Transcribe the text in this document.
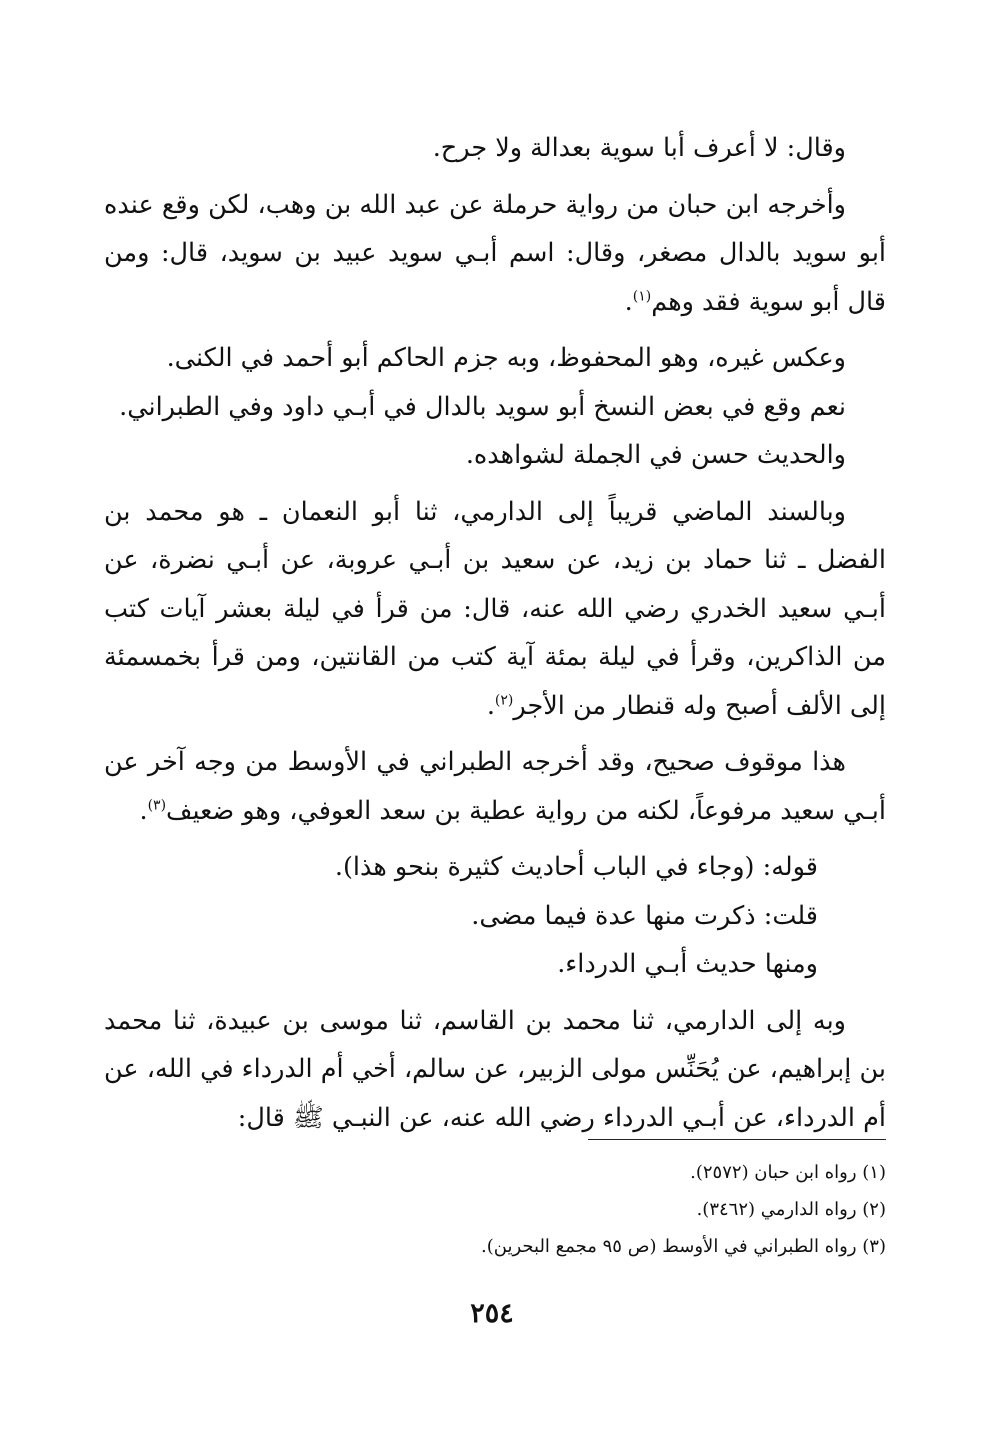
وقال: لا أعرف أبا سوية بعدالة ولا جرح.

وأخرجه ابن حبان من رواية حرملة عن عبد الله بن وهب، لكن وقع عنده أبو سويد بالدال مصغر، وقال: اسم أبـي سويد عبيد بن سويد، قال: ومن قال أبو سوية فقد وهم$^{(١)}$.

وعكس غيره، وهو المحفوظ، وبه جزم الحاكم أبو أحمد في الكنى.

نعم وقع في بعض النسخ أبو سويد بالدال في أبـي داود وفي الطبراني.

والحديث حسن في الجملة لشواهده.

وبالسند الماضي قريباً إلى الدارمي، ثنا أبو النعمان ـ هو محمد بن الفضل ـ ثنا حماد بن زيد، عن سعيد بن أبـي عروبة، عن أبـي نضرة، عن أبـي سعيد الخدري رضي الله عنه، قال: من قرأ في ليلة بعشر آيات كتب من الذاكرين، وقرأ في ليلة بمئة آية كتب من القانتين، ومن قرأ بخمسمئة إلى الألف أصبح وله قنطار من الأجر$^{(٢)}$.

هذا موقوف صحيح، وقد أخرجه الطبراني في الأوسط من وجه آخر عن أبـي سعيد مرفوعاً، لكنه من رواية عطية بن سعد العوفي، وهو ضعيف$^{(٣)}$.

قوله: (وجاء في الباب أحاديث كثيرة بنحو هذا).

قلت: ذكرت منها عدة فيما مضى.

ومنها حديث أبـي الدرداء.

وبه إلى الدارمي، ثنا محمد بن القاسم، ثنا موسى بن عبيدة، ثنا محمد بن إبراهيم، عن يُحَنِّس مولى الزبير، عن سالم، أخي أم الدرداء في الله، عن أم الدرداء، عن أبـي الدرداء رضي الله عنه، عن النبـي ﷺ قال:

(١) رواه ابن حبان (٢٥٧٢).

(٢) رواه الدارمي (٣٤٦٢).

(٣) رواه الطبراني في الأوسط (ص ٩٥ مجمع البحرين).

٢٥٤
